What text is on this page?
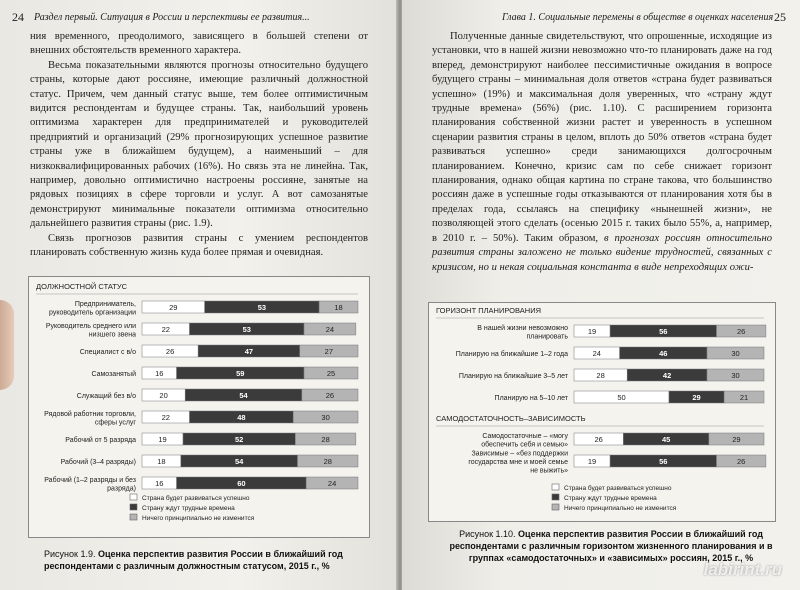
24 Раздел первый. Ситуация в России и перспективы ее развития...

ния временного, преодолимого, зависящего в большей степени от внешних обстоятельств временного характера.

Весьма показательными являются прогнозы относительно будущего страны, которые дают россияне, имеющие различный должностной статус. Причем, чем данный статус выше, тем более оптимистичным видится респондентам и будущее страны. Так, наибольший уровень оптимизма характерен для предпринимателей и руководителей предприятий и организаций (29% прогнозирующих успешное развитие страны уже в ближайшем будущем), а наименьший – для низкоквалифицированных рабочих (16%). Но связь эта не линейна. Так, например, довольно оптимистично настроены россияне, занятые на рядовых позициях в сфере торговли и услуг. А вот самозанятые демонстрируют минимальные показатели оптимизма относительно дальнейшего развития страны (рис. 1.9).

Связь прогнозов развития страны с умением респондентов планировать собственную жизнь куда более прямая и очевидная.

ДОЛЖНОСТНОЙ СТАТУС
Предприниматель,
руководитель организации
29	53	18
Руководитель среднего или
низшего звена
22	53	24
Специалист с в/о	26	47	27
Самозанятый	16	59	25
Служащий без в/о	20	54	26
Рядовой работник торговли,
сферы услуг
22	48	30
Рабочий от 5 разряда	19	52	28
Рабочий (3–4 разряды)	18	54	28
Рабочий (1–2 разряды и без
разряда)
16	60	24
Страна будет развиваться успешно
Страну ждут трудные времена
Ничего принципиально не изменится
Рисунок 1.9. Оценка перспектив развития России в ближайший год респондентами с различным должностным статусом, 2015 г., %
Глава 1. Социальные перемены в обществе в оценках населения 25

Полученные данные свидетельствуют, что опрошенные, исходящие из установки, что в нашей жизни невозможно что-то планировать даже на год вперед, демонстрируют наиболее пессимистичные ожидания в вопросе будущего страны – минимальная доля ответов «страна будет развиваться успешно» (19%) и максимальная доля уверенных, что «страну ждут трудные времена» (56%) (рис. 1.10). С расширением горизонта планирования собственной жизни растет и уверенность в успешном сценарии развития страны в целом, вплоть до 50% ответов «страна будет развиваться успешно» среди занимающихся долгосрочным планированием. Конечно, кризис сам по себе снижает горизонт планирования, однако общая картина по стране такова, что большинство россиян даже в успешные годы отказываются от планирования хотя бы в пределах года, ссылаясь на специфику «нынешней жизни», не позволяющей этого сделать (осенью 2015 г. таких было 55%, а, например, в 2010 г. – 50%). Таким образом, в прогнозах россиян относительно развития страны заложено не только видение трудностей, связанных с кризисом, но и некая социальная константа в виде непреходящих ожи-

ГОРИЗОНТ ПЛАНИРОВАНИЯ
В нашей жизни невозможно
планировать
19	56	26
Планирую на ближайшие 1–2 года	24	46	30
Планирую на ближайшие 3–5 лет	28	42	30
Планирую на 5–10 лет	50	29	21
САМОДОСТАТОЧНОСТЬ–ЗАВИСИМОСТЬ
Самодостаточные – «могу
обеспечить себя и семью»
26	45	29
Зависимые – «без поддержки
государства мне и моей семье
не выжить»
19	56	26
Страна будет развиваться успешно
Страну ждут трудные времена
Ничего принципиально не изменится
Рисунок 1.10. Оценка перспектив развития России в ближайший год респондентами с различным горизонтом жизненного планирования и в группах «самодостаточных» и «зависимых» россиян, 2015 г., %
labirint.ru
